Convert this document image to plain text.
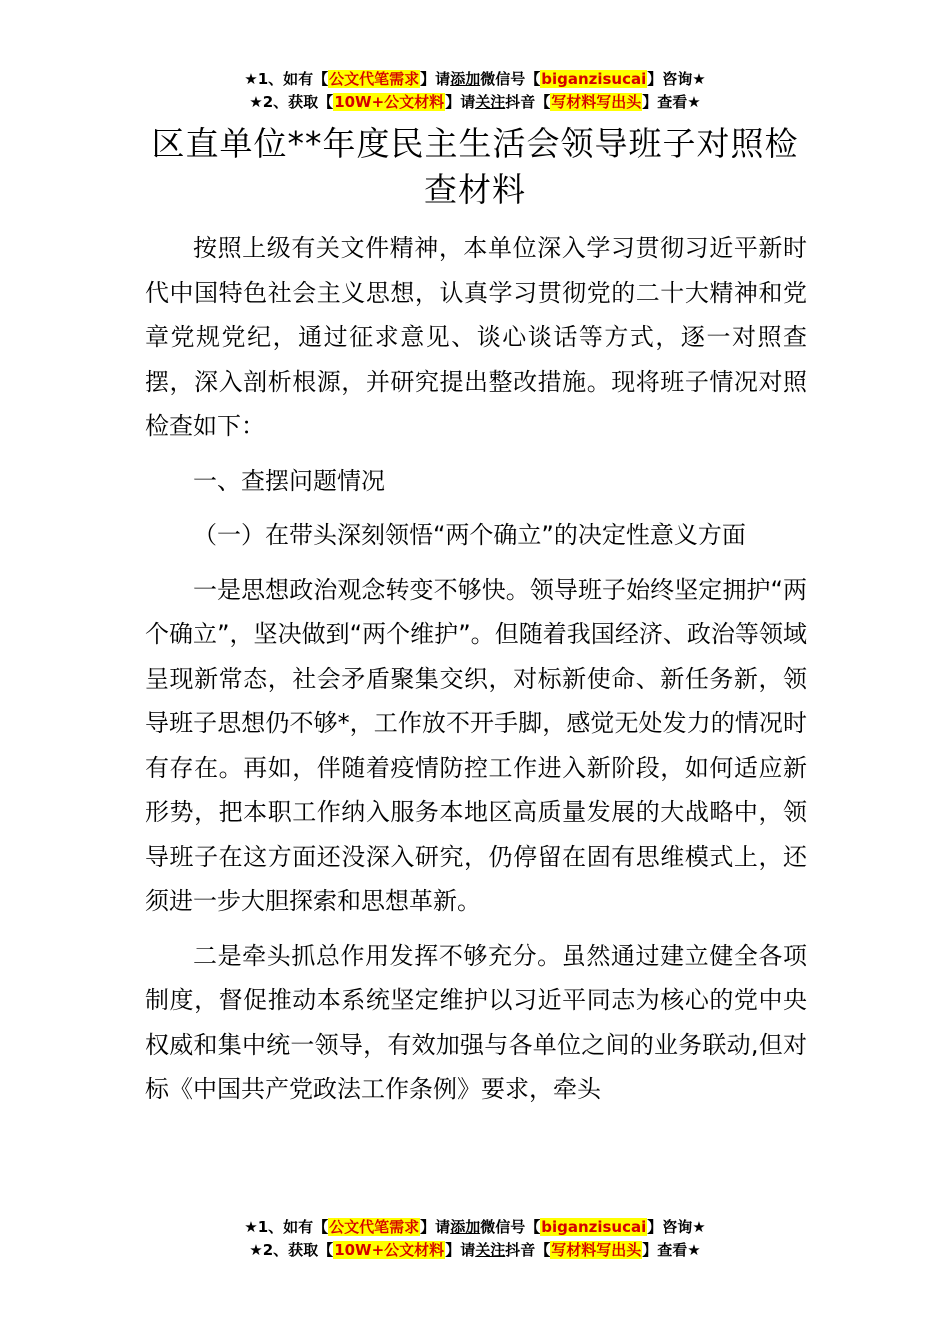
★1、如有【公文代笔需求】请添加微信号【biganzisucai】咨询★
★2、获取【10W+公文材料】请关注抖音【写材料写出头】查看★
区直单位**年度民主生活会领导班子对照检查材料

按照上级有关文件精神，本单位深入学习贯彻习近平新时代中国特色社会主义思想，认真学习贯彻党的二十大精神和党章党规党纪，通过征求意见、谈心谈话等方式，逐一对照查摆，深入剖析根源，并研究提出整改措施。现将班子情况对照检查如下：

一、查摆问题情况

（一）在带头深刻领悟“两个确立”的决定性意义方面

一是思想政治观念转变不够快。领导班子始终坚定拥护“两个确立”，坚决做到“两个维护”。但随着我国经济、政治等领域呈现新常态，社会矛盾聚集交织，对标新使命、新任务新，领导班子思想仍不够*，工作放不开手脚，感觉无处发力的情况时有存在。再如，伴随着疫情防控工作进入新阶段，如何适应新形势，把本职工作纳入服务本地区高质量发展的大战略中，领导班子在这方面还没深入研究，仍停留在固有思维模式上，还须进一步大胆探索和思想革新。

二是牵头抓总作用发挥不够充分。虽然通过建立健全各项制度，督促推动本系统坚定维护以习近平同志为核心的党中央权威和集中统一领导，有效加强与各单位之间的业务联动,但对标《中国共产党政法工作条例》要求，牵头

★1、如有【公文代笔需求】请添加微信号【biganzisucai】咨询★
★2、获取【10W+公文材料】请关注抖音【写材料写出头】查看★
